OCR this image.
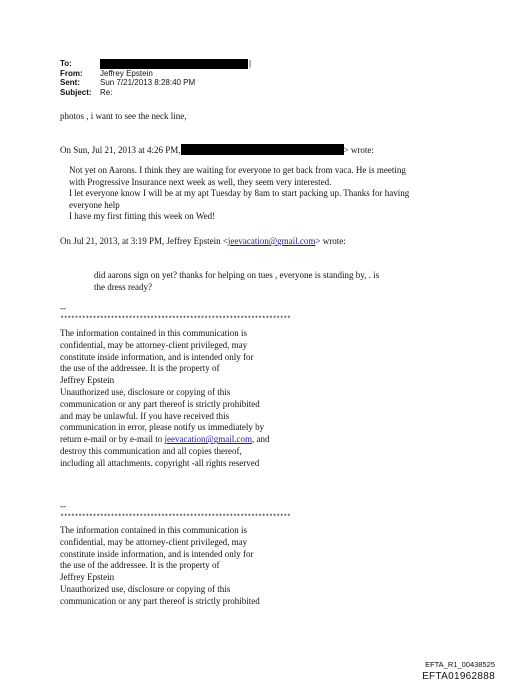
To:	|
From:	Jeffrey Epstein
Sent:	Sun 7/21/2013 8:28:40 PM
Subject:	Re:
photos , i want to see the neck line,
On Sun, Jul 21, 2013 at 4:26 PM,	> wrote:
Not yet on Aarons. I think they are waiting for everyone to get back from vaca. He is meeting
with Progressive Insurance next week as well, they seem very interested.
I let everyone know I will be at my apt Tuesday by 8am to start packing up. Thanks for having
everyone help
I have my first fitting this week on Wed!
On Jul 21, 2013, at 3:19 PM, Jeffrey Epstein <jeevacation@gmail.com> wrote:
did aarons sign on yet? thanks for helping on tues , everyone is standing by, . is
the dress ready?
--
****************************************************************
The information contained in this communication is
confidential, may be attorney-client privileged, may
constitute inside information, and is intended only for
the use of the addressee. It is the property of
Jeffrey Epstein
Unauthorized use, disclosure or copying of this
communication or any part thereof is strictly prohibited
and may be unlawful. If you have received this
communication in error, please notify us immediately by
return e-mail or by e-mail to jeevacation@gmail.com, and
destroy this communication and all copies thereof,
including all attachments. copyright -all rights reserved
--
****************************************************************
The information contained in this communication is
confidential, may be attorney-client privileged, may
constitute inside information, and is intended only for
the use of the addressee. It is the property of
Jeffrey Epstein
Unauthorized use, disclosure or copying of this
communication or any part thereof is strictly prohibited
EFTA_R1_00438525
EFTA01962888
